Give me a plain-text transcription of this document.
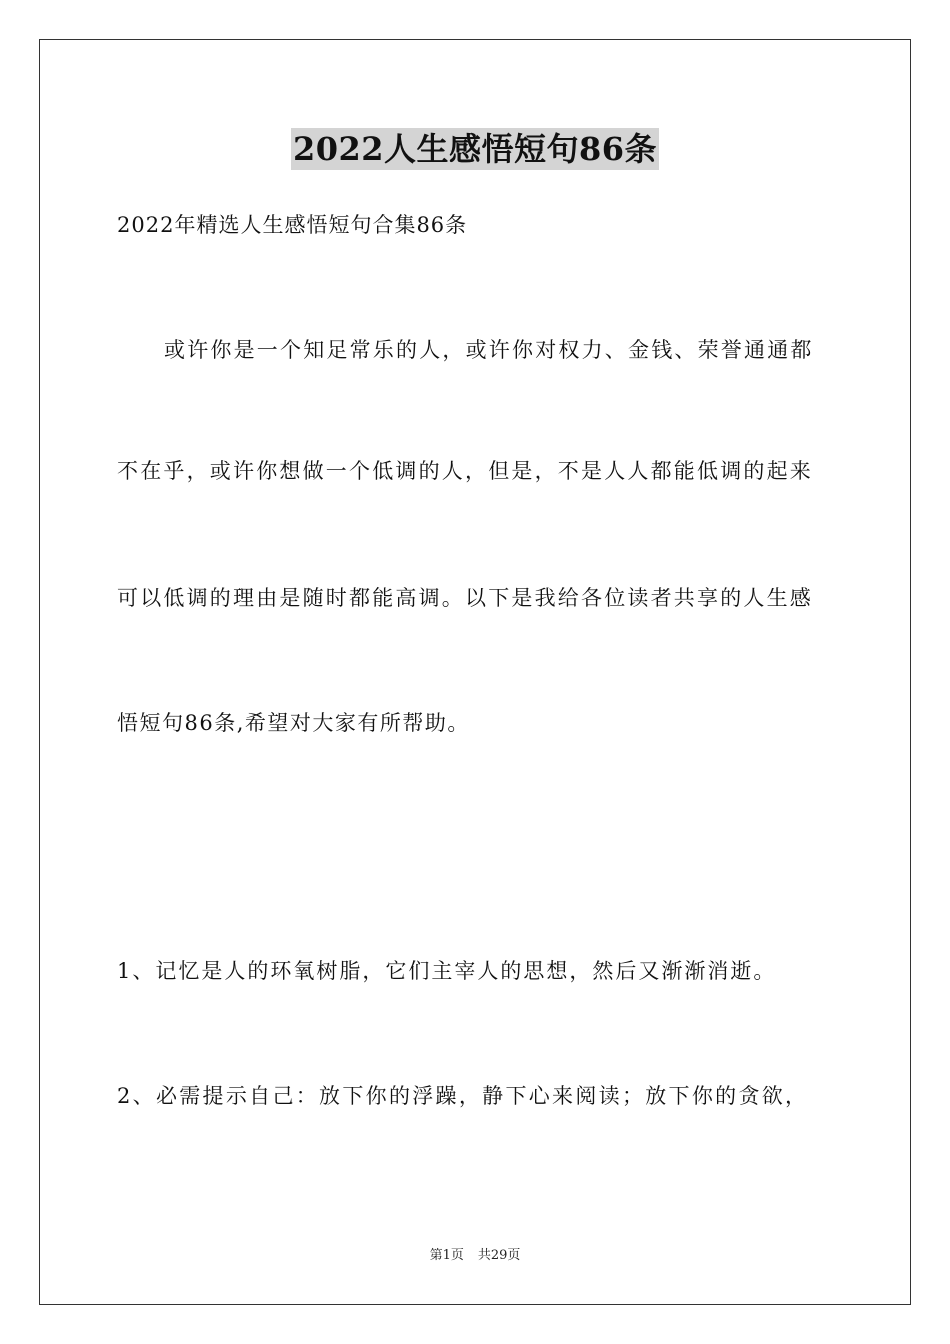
2022人生感悟短句86条
2022年精选人生感悟短句合集86条
或许你是一个知足常乐的人，或许你对权力、金钱、荣誉通通都
不在乎，或许你想做一个低调的人，但是，不是人人都能低调的起来
可以低调的理由是随时都能高调。以下是我给各位读者共享的人生感
悟短句86条,希望对大家有所帮助。
1、记忆是人的环氧树脂，它们主宰人的思想，然后又渐渐消逝。
2、必需提示自己：放下你的浮躁，静下心来阅读；放下你的贪欲，
第1页 共29页
